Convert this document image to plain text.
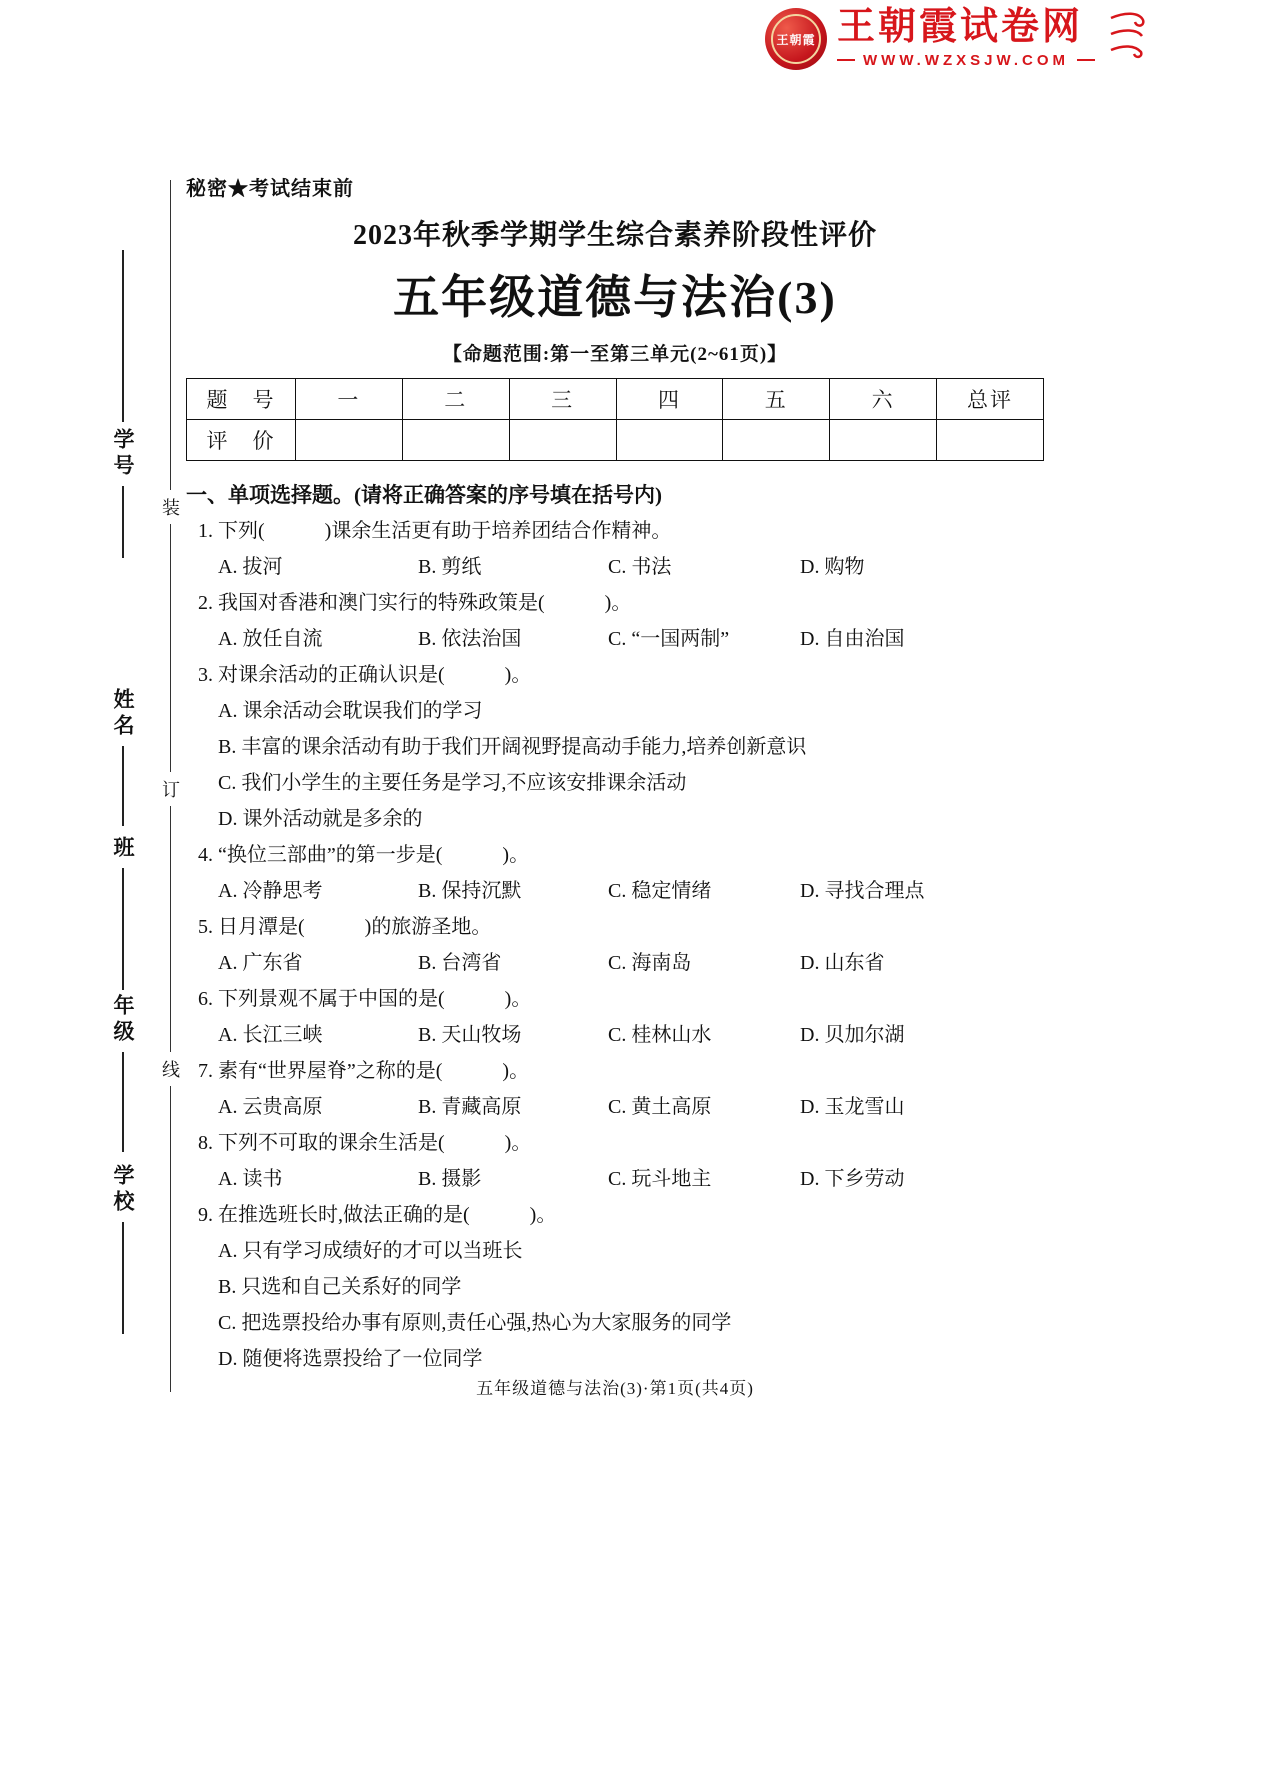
王朝霞 王朝霞试卷网
WWW.WZXSJW.COM
装
订
线
学号
姓名
班
年级
学校
秘密★考试结束前
2023年秋季学期学生综合素养阶段性评价
五年级道德与法治(3)
【命题范围:第一至第三单元(2~61页)】
题　号	一	二	三	四	五	六	总评
评　价							
一、单项选择题。(请将正确答案的序号填在括号内)
1. 下列(　　　)课余生活更有助于培养团结合作精神。
A. 拔河	B. 剪纸	C. 书法	D. 购物
2. 我国对香港和澳门实行的特殊政策是(　　　)。
A. 放任自流	B. 依法治国	C. “一国两制”	D. 自由治国
3. 对课余活动的正确认识是(　　　)。
A. 课余活动会耽误我们的学习
B. 丰富的课余活动有助于我们开阔视野提高动手能力,培养创新意识
C. 我们小学生的主要任务是学习,不应该安排课余活动
D. 课外活动就是多余的
4. “换位三部曲”的第一步是(　　　)。
A. 冷静思考	B. 保持沉默	C. 稳定情绪	D. 寻找合理点
5. 日月潭是(　　　)的旅游圣地。
A. 广东省	B. 台湾省	C. 海南岛	D. 山东省
6. 下列景观不属于中国的是(　　　)。
A. 长江三峡	B. 天山牧场	C. 桂林山水	D. 贝加尔湖
7. 素有“世界屋脊”之称的是(　　　)。
A. 云贵高原	B. 青藏高原	C. 黄土高原	D. 玉龙雪山
8. 下列不可取的课余生活是(　　　)。
A. 读书	B. 摄影	C. 玩斗地主	D. 下乡劳动
9. 在推选班长时,做法正确的是(　　　)。
A. 只有学习成绩好的才可以当班长
B. 只选和自己关系好的同学
C. 把选票投给办事有原则,责任心强,热心为大家服务的同学
D. 随便将选票投给了一位同学
五年级道德与法治(3)·第1页(共4页)
